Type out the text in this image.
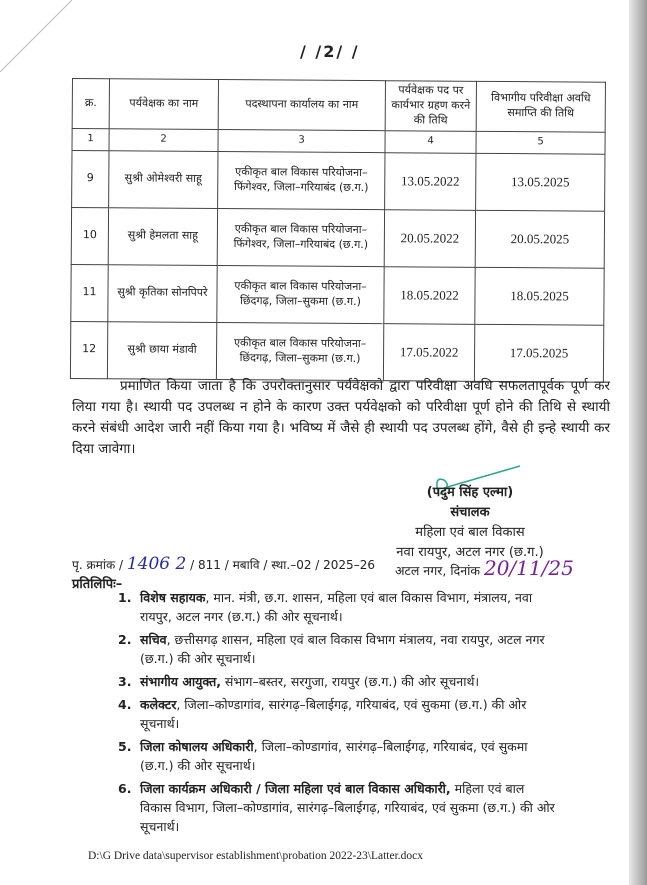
/ /2/ /
क्र.	पर्यवेक्षक का नाम	पदस्थापना कार्यालय का नाम	पर्यवेक्षक पद पर कार्यभार ग्रहण करने की तिथि	विभागीय परिवीक्षा अवधि समाप्ति की तिथि
1	2	3	4	5
9	सुश्री ओमेश्वरी साहू	एकीकृत बाल विकास परियोजना–फिंगेश्वर, जिला–गरियाबंद (छ.ग.)	13.05.2022	13.05.2025
10	सुश्री हेमलता साहू	एकीकृत बाल विकास परियोजना–फिंगेश्वर, जिला–गरियाबंद (छ.ग.)	20.05.2022	20.05.2025
11	सुश्री कृतिका सोनपिपरे	एकीकृत बाल विकास परियोजना–छिंदगढ़, जिला–सुकमा (छ.ग.)	18.05.2022	18.05.2025
12	सुश्री छाया मंडावी	एकीकृत बाल विकास परियोजना–छिंदगढ़, जिला–सुकमा (छ.ग.)	17.05.2022	17.05.2025

प्रमाणित किया जाता है कि उपरोक्तानुसार पर्यवेक्षको द्वारा परिवीक्षा अवधि सफलतापूर्वक पूर्ण कर लिया गया है। स्थायी पद उपलब्ध न होने के कारण उक्त पर्यवेक्षको को परिवीक्षा पूर्ण होने की तिथि से स्थायी करने संबंधी आदेश जारी नहीं किया गया है। भविष्य में जैसे ही स्थायी पद उपलब्ध होंगे, वैसे ही इन्हे स्थायी कर दिया जावेगा।

(पदुम सिंह एल्मा)
संचालक
महिला एवं बाल विकास
नवा रायपुर, अटल नगर (छ.ग.)
पृ. क्रमांक / 1406 2 / 811 / मबावि / स्था.–02 / 2025–26 अटल नगर, दिनांक 20/11/25
प्रतिलिपिः–
1. विशेष सहायक, मान. मंत्री, छ.ग. शासन, महिला एवं बाल विकास विभाग, मंत्रालय, नवा रायपुर, अटल नगर (छ.ग.) की ओर सूचनार्थ।
2. सचिव, छत्तीसगढ़ शासन, महिला एवं बाल विकास विभाग मंत्रालय, नवा रायपुर, अटल नगर (छ.ग.) की ओर सूचनार्थ।
3. संभागीय आयुक्त, संभाग–बस्तर, सरगुजा, रायपुर (छ.ग.) की ओर सूचनार्थ।
4. कलेक्टर, जिला–कोण्डागांव, सारंगढ़–बिलाईगढ़, गरियाबंद, एवं सुकमा (छ.ग.) की ओर सूचनार्थ।
5. जिला कोषालय अधिकारी, जिला–कोण्डागांव, सारंगढ़–बिलाईगढ़, गरियाबंद, एवं सुकमा (छ.ग.) की ओर सूचनार्थ।
6. जिला कार्यक्रम अधिकारी / जिला महिला एवं बाल विकास अधिकारी, महिला एवं बाल विकास विभाग, जिला–कोण्डागांव, सारंगढ़–बिलाईगढ़, गरियाबंद, एवं सुकमा (छ.ग.) की ओर सूचनार्थ।
D:\G Drive data\supervisor establishment\probation 2022-23\Latter.docx
